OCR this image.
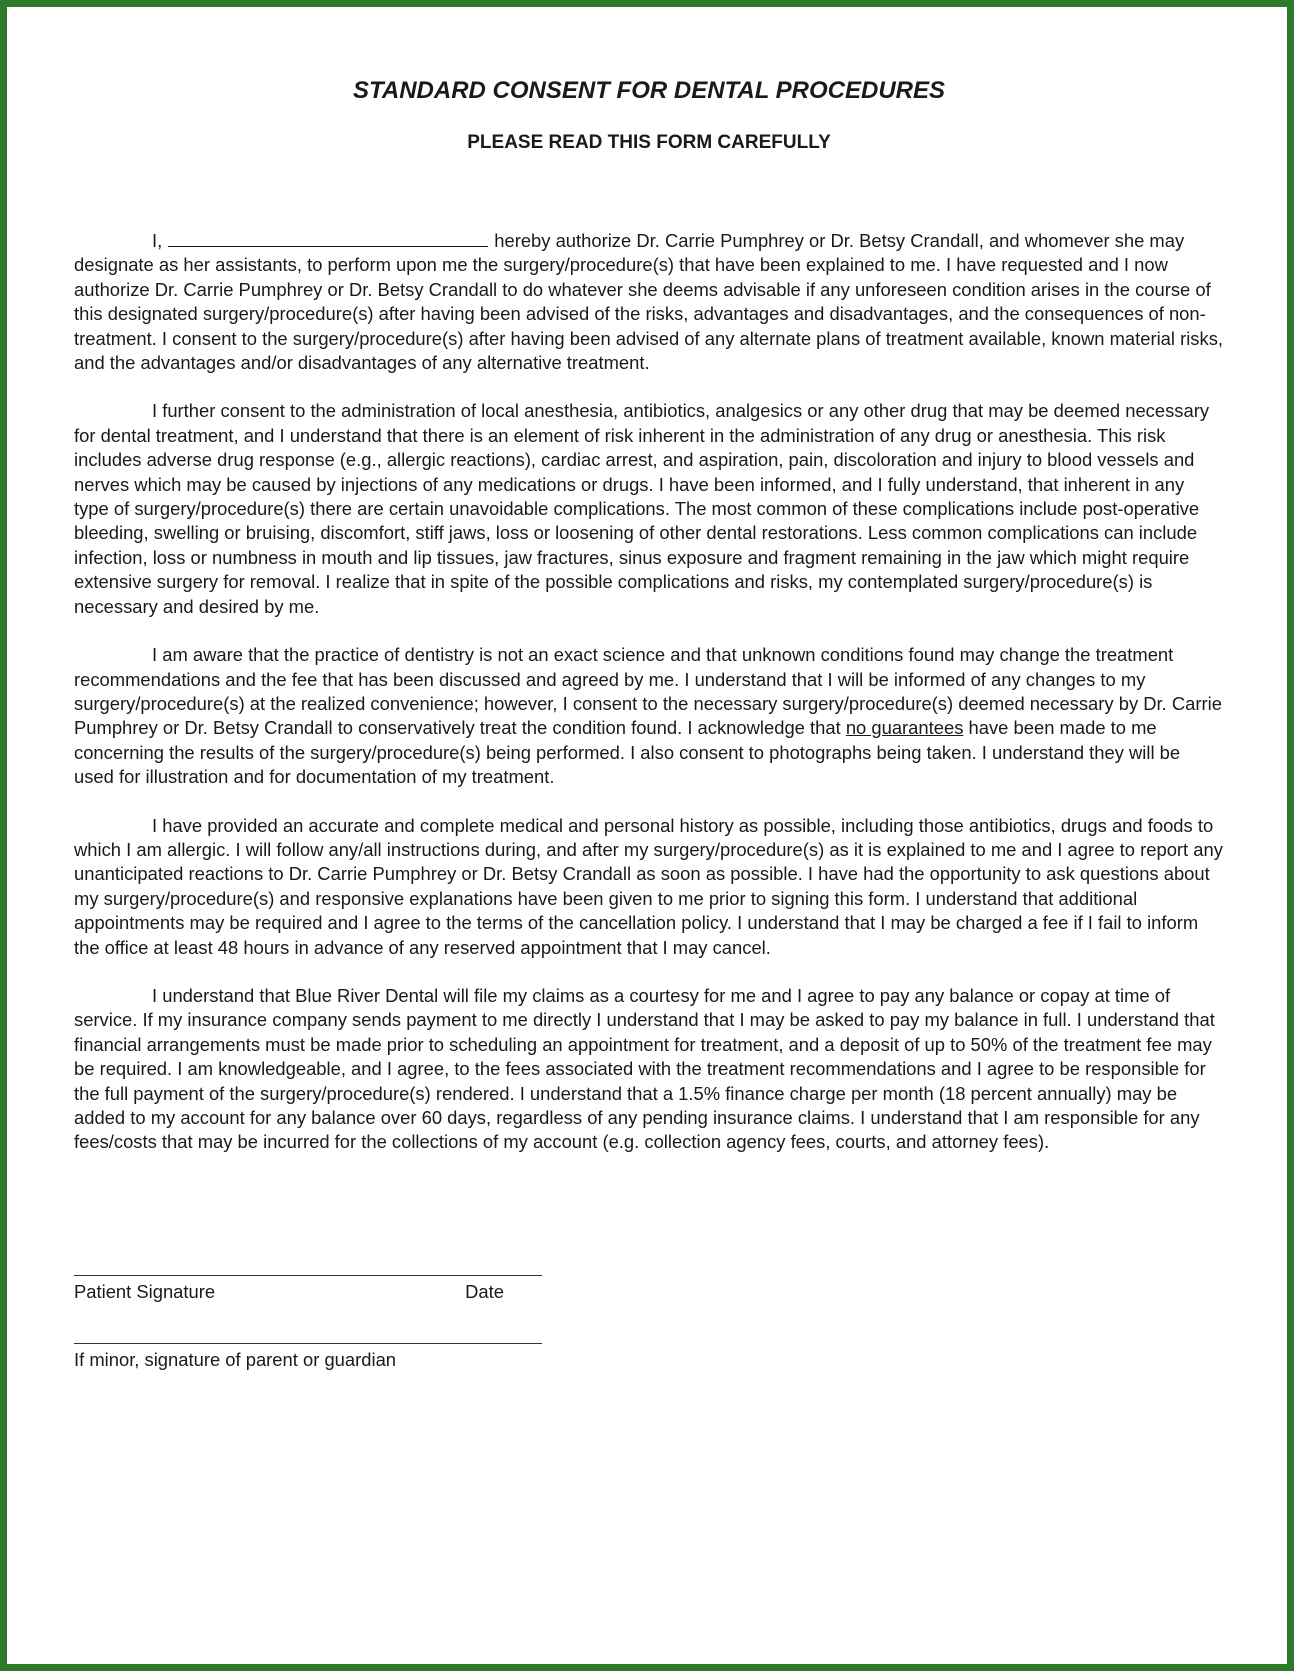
STANDARD CONSENT FOR DENTAL PROCEDURES
PLEASE READ THIS FORM CAREFULLY

I,	hereby authorize Dr. Carrie Pumphrey or Dr. Betsy Crandall, and whomever she may designate as her assistants, to perform upon me the surgery/procedure(s) that have been explained to me. I have requested and I now authorize Dr. Carrie Pumphrey or Dr. Betsy Crandall to do whatever she deems advisable if any unforeseen condition arises in the course of this designated surgery/procedure(s) after having been advised of the risks, advantages and disadvantages, and the consequences of non-treatment. I consent to the surgery/procedure(s) after having been advised of any alternate plans of treatment available, known material risks, and the advantages and/or disadvantages of any alternative treatment.

I further consent to the administration of local anesthesia, antibiotics, analgesics or any other drug that may be deemed necessary for dental treatment, and I understand that there is an element of risk inherent in the administration of any drug or anesthesia. This risk includes adverse drug response (e.g., allergic reactions), cardiac arrest, and aspiration, pain, discoloration and injury to blood vessels and nerves which may be caused by injections of any medications or drugs. I have been informed, and I fully understand, that inherent in any type of surgery/procedure(s) there are certain unavoidable complications. The most common of these complications include post-operative bleeding, swelling or bruising, discomfort, stiff jaws, loss or loosening of other dental restorations. Less common complications can include infection, loss or numbness in mouth and lip tissues, jaw fractures, sinus exposure and fragment remaining in the jaw which might require extensive surgery for removal. I realize that in spite of the possible complications and risks, my contemplated surgery/procedure(s) is necessary and desired by me.

I am aware that the practice of dentistry is not an exact science and that unknown conditions found may change the treatment recommendations and the fee that has been discussed and agreed by me. I understand that I will be informed of any changes to my surgery/procedure(s) at the realized convenience; however, I consent to the necessary surgery/procedure(s) deemed necessary by Dr. Carrie Pumphrey or Dr. Betsy Crandall to conservatively treat the condition found. I acknowledge that no guarantees have been made to me concerning the results of the surgery/procedure(s) being performed. I also consent to photographs being taken. I understand they will be used for illustration and for documentation of my treatment.

I have provided an accurate and complete medical and personal history as possible, including those antibiotics, drugs and foods to which I am allergic. I will follow any/all instructions during, and after my surgery/procedure(s) as it is explained to me and I agree to report any unanticipated reactions to Dr. Carrie Pumphrey or Dr. Betsy Crandall as soon as possible. I have had the opportunity to ask questions about my surgery/procedure(s) and responsive explanations have been given to me prior to signing this form. I understand that additional appointments may be required and I agree to the terms of the cancellation policy. I understand that I may be charged a fee if I fail to inform the office at least 48 hours in advance of any reserved appointment that I may cancel.

I understand that Blue River Dental will file my claims as a courtesy for me and I agree to pay any balance or copay at time of service. If my insurance company sends payment to me directly I understand that I may be asked to pay my balance in full. I understand that financial arrangements must be made prior to scheduling an appointment for treatment, and a deposit of up to 50% of the treatment fee may be required. I am knowledgeable, and I agree, to the fees associated with the treatment recommendations and I agree to be responsible for the full payment of the surgery/procedure(s) rendered. I understand that a 1.5% finance charge per month (18 percent annually) may be added to my account for any balance over 60 days, regardless of any pending insurance claims. I understand that I am responsible for any fees/costs that may be incurred for the collections of my account (e.g. collection agency fees, courts, and attorney fees).

Patient Signature	Date
If minor, signature of parent or guardian
